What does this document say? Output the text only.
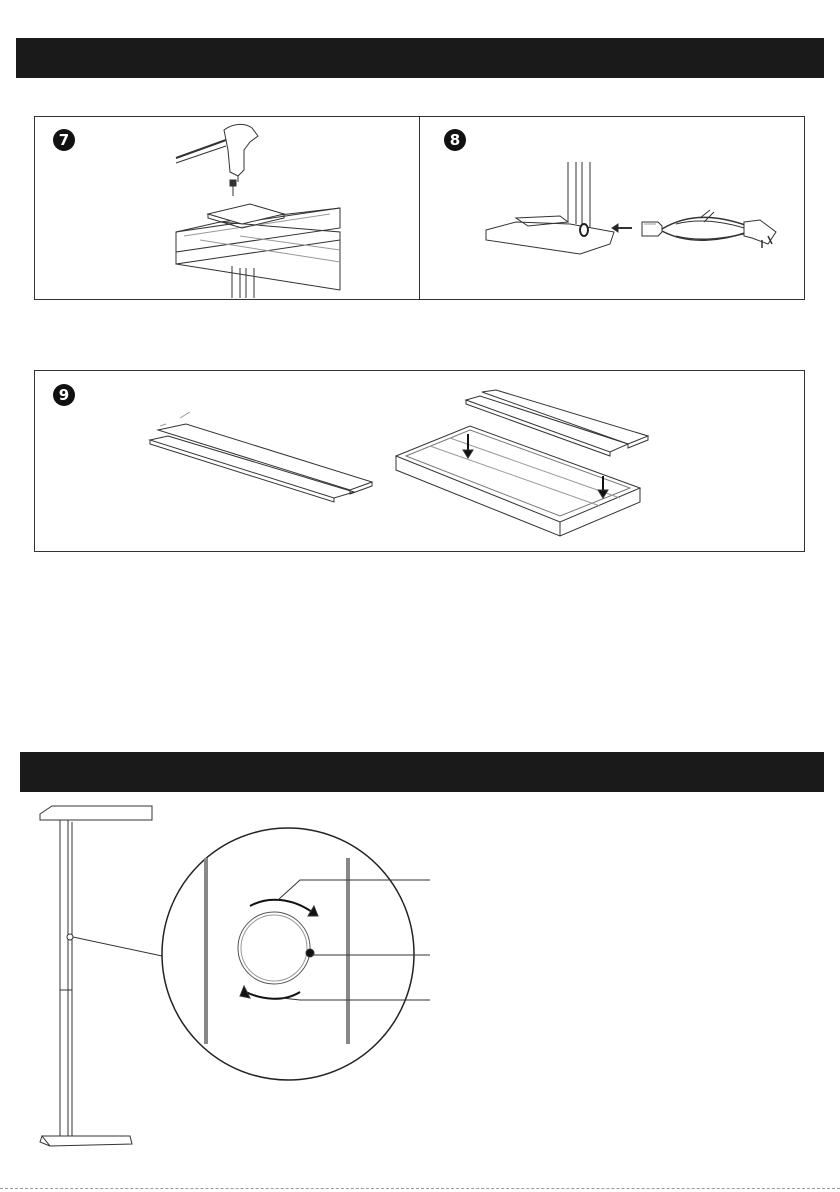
7	8
9
